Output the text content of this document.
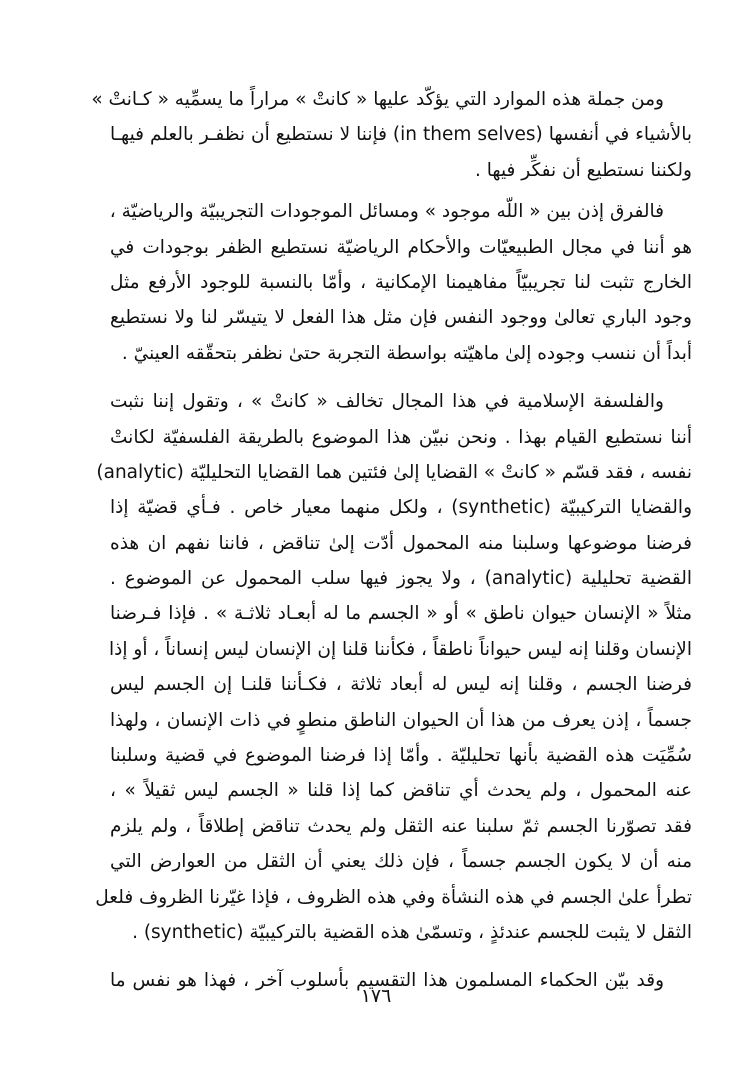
ومن جملة هذه الموارد التي يؤكّد عليها « كانتْ » مراراً ما يسمِّيه « كـانتْ »
بالأشياء في أنفسها (in them selves) فإننا لا نستطيع أن نظفـر بالعلم فيهـا
ولكننا نستطيع أن نفكِّر فيها .
فالفرق إذن بين « اللّه موجود » ومسائل الموجودات التجريبيّة والرياضيّة ،
هو أننا في مجال الطبيعيّات والأحكام الرياضيّة نستطيع الظفر بوجودات في
الخارج تثبت لنا تجريبيّاً مفاهيمنا الإمكانية ، وأمّا بالنسبة للوجود الأرفع مثل
وجود الباري تعالىٰ ووجود النفس فإن مثل هذا الفعل لا يتيسّر لنا ولا نستطيع
أبداً أن ننسب وجوده إلىٰ ماهيّته بواسطة التجربة حتىٰ نظفر بتحقّقه العينيّ .
والفلسفة الإسلامية في هذا المجال تخالف « كانتْ » ، وتقول إننا نثبت
أننا نستطيع القيام بهذا . ونحن نبيّن هذا الموضوع بالطريقة الفلسفيّة لكانتْ
نفسه ، فقد قسّم « كانتْ » القضايا إلىٰ فئتين هما القضايا التحليليّة (analytic)
والقضايا التركيبيّة (synthetic) ، ولكل منهما معيار خاص . فـأي قضيّة إذا
فرضنا موضوعها وسلبنا منه المحمول أدّت إلىٰ تناقض ، فاننا نفهم ان هذه
القضية تحليلية (analytic) ، ولا يجوز فيها سلب المحمول عن الموضوع .
مثلاً « الإنسان حيوان ناطق » أو « الجسم ما له أبعـاد ثلاثـة » . فإذا فـرضنا
الإنسان وقلنا إنه ليس حيواناً ناطقاً ، فكأننا قلنا إن الإنسان ليس إنساناً ، أو إذا
فرضنا الجسم ، وقلنا إنه ليس له أبعاد ثلاثة ، فكـأننا قلنـا إن الجسم ليس
جسماً ، إذن يعرف من هذا أن الحيوان الناطق منطوٍ في ذات الإنسان ، ولهذا
سُمِّيَت هذه القضية بأنها تحليليّة . وأمّا إذا فرضنا الموضوع في قضية وسلبنا
عنه المحمول ، ولم يحدث أي تناقض كما إذا قلنا « الجسم ليس ثقيلاً » ،
فقد تصوّرنا الجسم ثمّ سلبنا عنه الثقل ولم يحدث تناقض إطلاقاً ، ولم يلزم
منه أن لا يكون الجسم جسماً ، فإن ذلك يعني أن الثقل من العوارض التي
تطرأ علىٰ الجسم في هذه النشأة وفي هذه الظروف ، فإذا غيّرنا الظروف فلعل
الثقل لا يثبت للجسم عندئذٍ ، وتسمّىٰ هذه القضية بالتركيبيّة (synthetic) .
وقد بيّن الحكماء المسلمون هذا التقسيم بأسلوب آخر ، فهذا هو نفس ما
١٧٦
